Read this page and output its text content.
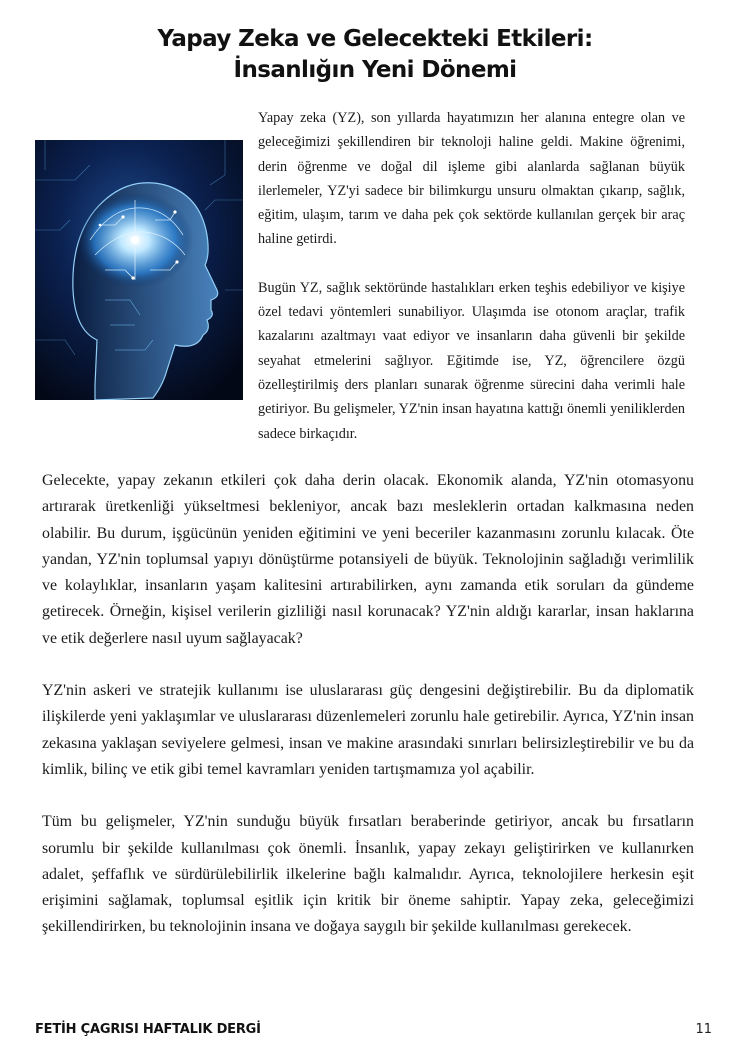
Yapay Zeka ve Gelecekteki Etkileri:
İnsanlığın Yeni Dönemi

Yapay zeka (YZ), son yıllarda hayatımızın her alanına entegre olan ve geleceğimizi şekillendiren bir teknoloji haline geldi. Makine öğrenimi, derin öğrenme ve doğal dil işleme gibi alanlarda sağlanan büyük ilerlemeler, YZ'yi sadece bir bilimkurgu unsuru olmaktan çıkarıp, sağlık, eğitim, ulaşım, tarım ve daha pek çok sektörde kullanılan gerçek bir araç haline getirdi.

Bugün YZ, sağlık sektöründe hastalıkları erken teşhis edebiliyor ve kişiye özel tedavi yöntemleri sunabiliyor. Ulaşımda ise otonom araçlar, trafik kazalarını azaltmayı vaat ediyor ve insanların daha güvenli bir şekilde seyahat etmelerini sağlıyor. Eğitimde ise, YZ, öğrencilere özgü özelleştirilmiş ders planları sunarak öğrenme sürecini daha verimli hale getiriyor. Bu gelişmeler, YZ'nin insan hayatına kattığı önemli yeniliklerden sadece birkaçıdır.

Gelecekte, yapay zekanın etkileri çok daha derin olacak. Ekonomik alanda, YZ'nin otomasyonu artırarak üretkenliği yükseltmesi bekleniyor, ancak bazı mesleklerin ortadan kalkmasına neden olabilir. Bu durum, işgücünün yeniden eğitimini ve yeni beceriler kazanmasını zorunlu kılacak. Öte yandan, YZ'nin toplumsal yapıyı dönüştürme potansiyeli de büyük. Teknolojinin sağladığı verimlilik ve kolaylıklar, insanların yaşam kalitesini artırabilirken, aynı zamanda etik soruları da gündeme getirecek. Örneğin, kişisel verilerin gizliliği nasıl korunacak? YZ'nin aldığı kararlar, insan haklarına ve etik değerlere nasıl uyum sağlayacak?

YZ'nin askeri ve stratejik kullanımı ise uluslararası güç dengesini değiştirebilir. Bu da diplomatik ilişkilerde yeni yaklaşımlar ve uluslararası düzenlemeleri zorunlu hale getirebilir. Ayrıca, YZ'nin insan zekasına yaklaşan seviyelere gelmesi, insan ve makine arasındaki sınırları belirsizleştirebilir ve bu da kimlik, bilinç ve etik gibi temel kavramları yeniden tartışmamıza yol açabilir.

Tüm bu gelişmeler, YZ'nin sunduğu büyük fırsatları beraberinde getiriyor, ancak bu fırsatların sorumlu bir şekilde kullanılması çok önemli. İnsanlık, yapay zekayı geliştirirken ve kullanırken adalet, şeffaflık ve sürdürülebilirlik ilkelerine bağlı kalmalıdır. Ayrıca, teknolojilere herkesin eşit erişimini sağlamak, toplumsal eşitlik için kritik bir öneme sahiptir. Yapay zeka, geleceğimizi şekillendirirken, bu teknolojinin insana ve doğaya saygılı bir şekilde kullanılması gerekecek.

FETİH ÇAGRISI HAFTALIK DERGİ	11
